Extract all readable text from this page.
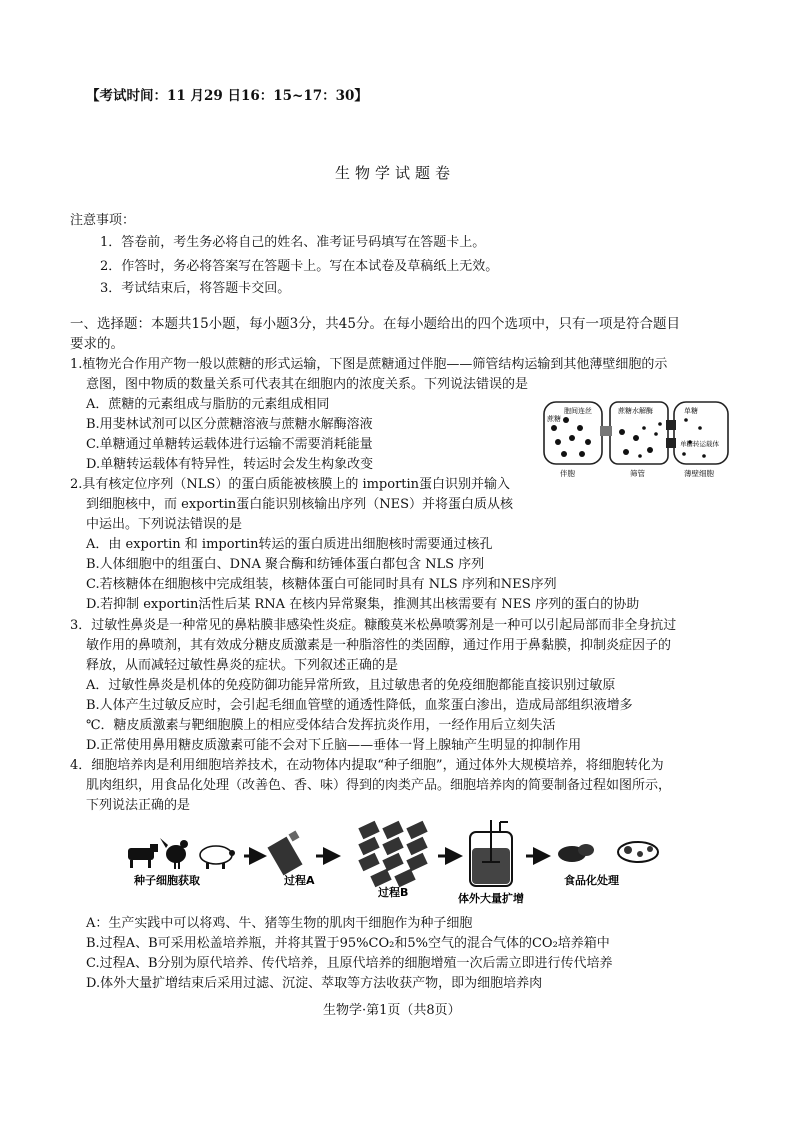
【考试时间：11 月29 日16：15~17：30】
生物学试题卷
注意事项：
1．答卷前，考生务必将自己的姓名、准考证号码填写在答题卡上。
2．作答时，务必将答案写在答题卡上。写在本试卷及草稿纸上无效。
3．考试结束后，将答题卡交回。
一、选择题：本题共15小题，每小题3分，共45分。在每小题给出的四个选项中，只有一项是符合题目
要求的。
1.植物光合作用产物一般以蔗糖的形式运输，下图是蔗糖通过伴胞——筛管结构运输到其他薄壁细胞的示
意图，图中物质的数量关系可代表其在细胞内的浓度关系。下列说法错误的是
A．蔗糖的元素组成与脂肪的元素组成相同
B.用斐林试剂可以区分蔗糖溶液与蔗糖水解酶溶液
C.单糖通过单糖转运载体进行运输不需要消耗能量
D.单糖转运载体有特异性，转运时会发生构象改变
胞间连丝
蔗糖
蔗糖水解酶	单糖
单糖转运载体
伴胞	筛管	薄壁细胞
2.具有核定位序列（NLS）的蛋白质能被核膜上的 importin蛋白识别并输入
到细胞核中，而 exportin蛋白能识别核输出序列（NES）并将蛋白质从核
中运出。下列说法错误的是
A．由 exportin 和 importin转运的蛋白质进出细胞核时需要通过核孔
B.人体细胞中的组蛋白、DNA 聚合酶和纺锤体蛋白都包含 NLS 序列
C.若核糖体在细胞核中完成组装，核糖体蛋白可能同时具有 NLS 序列和NES序列
D.若抑制 exportin活性后某 RNA 在核内异常聚集，推测其出核需要有 NES 序列的蛋白的协助
3．过敏性鼻炎是一种常见的鼻粘膜非感染性炎症。糠酸莫米松鼻喷雾剂是一种可以引起局部而非全身抗过
敏作用的鼻喷剂，其有效成分糖皮质激素是一种脂溶性的类固醇，通过作用于鼻黏膜，抑制炎症因子的
释放，从而减轻过敏性鼻炎的症状。下列叙述正确的是
A．过敏性鼻炎是机体的免疫防御功能异常所致，且过敏患者的免疫细胞都能直接识别过敏原
B.人体产生过敏反应时，会引起毛细血管壁的通透性降低，血浆蛋白渗出，造成局部组织液增多
℃．糖皮质激素与靶细胞膜上的相应受体结合发挥抗炎作用，一经作用后立刻失活
D.正常使用鼻用糖皮质激素可能不会对下丘脑——垂体一肾上腺轴产生明显的抑制作用
4．细胞培养肉是利用细胞培养技术，在动物体内提取“种子细胞”，通过体外大规模培养，将细胞转化为
肌肉组织，用食品化处理（改善色、香、味）得到的肉类产品。细胞培养肉的简要制备过程如图所示，
下列说法正确的是
种子细胞获取	过程A
过程B	体外大量扩增
食品化处理
A：生产实践中可以将鸡、牛、猪等生物的肌肉干细胞作为种子细胞
B.过程A、B可采用松盖培养瓶，并将其置于95%CO₂和5%空气的混合气体的CO₂培养箱中
C.过程A、B分别为原代培养、传代培养，且原代培养的细胞增殖一次后需立即进行传代培养
D.体外大量扩增结束后采用过滤、沉淀、萃取等方法收获产物，即为细胞培养肉
生物学·第1页（共8页）
